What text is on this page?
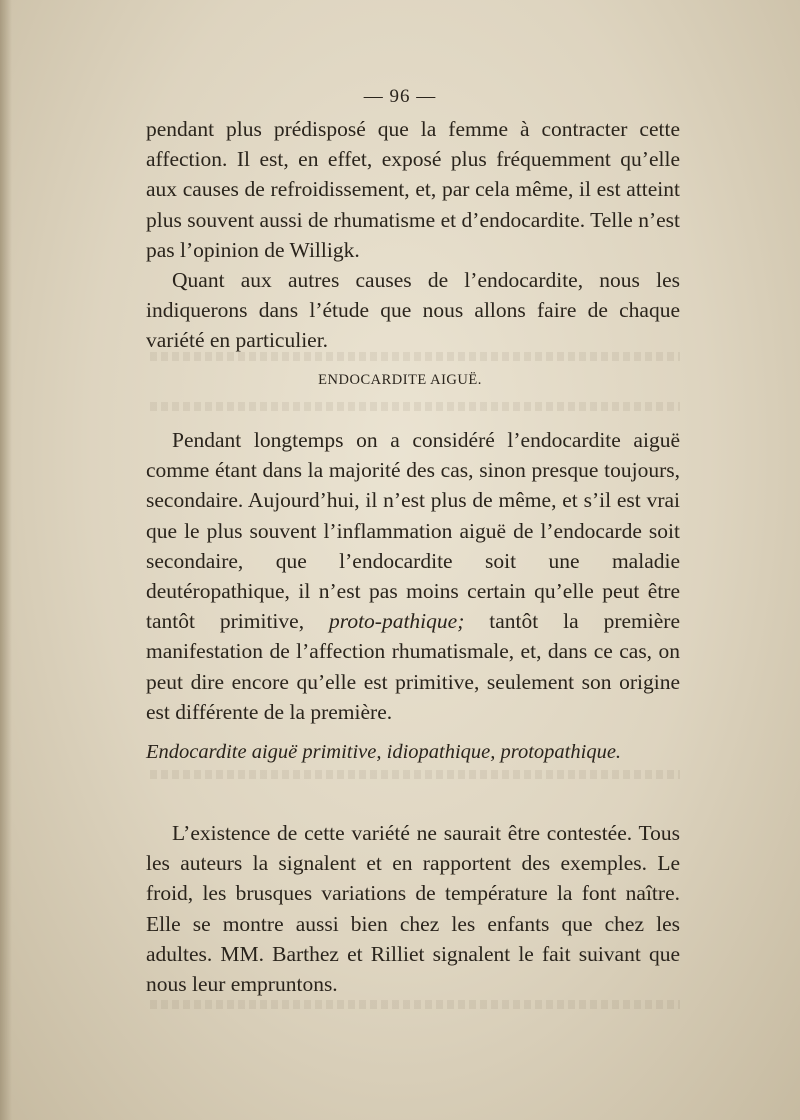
— 96 —

pendant plus prédisposé que la femme à contracter cette affection. Il est, en effet, exposé plus fréquemment qu’elle aux causes de refroidissement, et, par cela même, il est atteint plus souvent aussi de rhumatisme et d’endocardite. Telle n’est pas l’opinion de Willigk.

Quant aux autres causes de l’endocardite, nous les indiquerons dans l’étude que nous allons faire de chaque variété en particulier.

ENDOCARDITE AIGUË.

Pendant longtemps on a considéré l’endocardite aiguë comme étant dans la majorité des cas, sinon presque toujours, secondaire. Aujourd’hui, il n’est plus de même, et s’il est vrai que le plus souvent l’inflammation aiguë de l’endocarde soit secondaire, que l’endocardite soit une maladie deutéropathique, il n’est pas moins certain qu’elle peut être tantôt primitive, proto-pathique; tantôt la première manifestation de l’affection rhumatismale, et, dans ce cas, on peut dire encore qu’elle est primitive, seulement son origine est différente de la première.

Endocardite aiguë primitive, idiopathique, protopathique.

L’existence de cette variété ne saurait être contestée. Tous les auteurs la signalent et en rapportent des exemples. Le froid, les brusques variations de température la font naître. Elle se montre aussi bien chez les enfants que chez les adultes. MM. Barthez et Rilliet signalent le fait suivant que nous leur empruntons.
